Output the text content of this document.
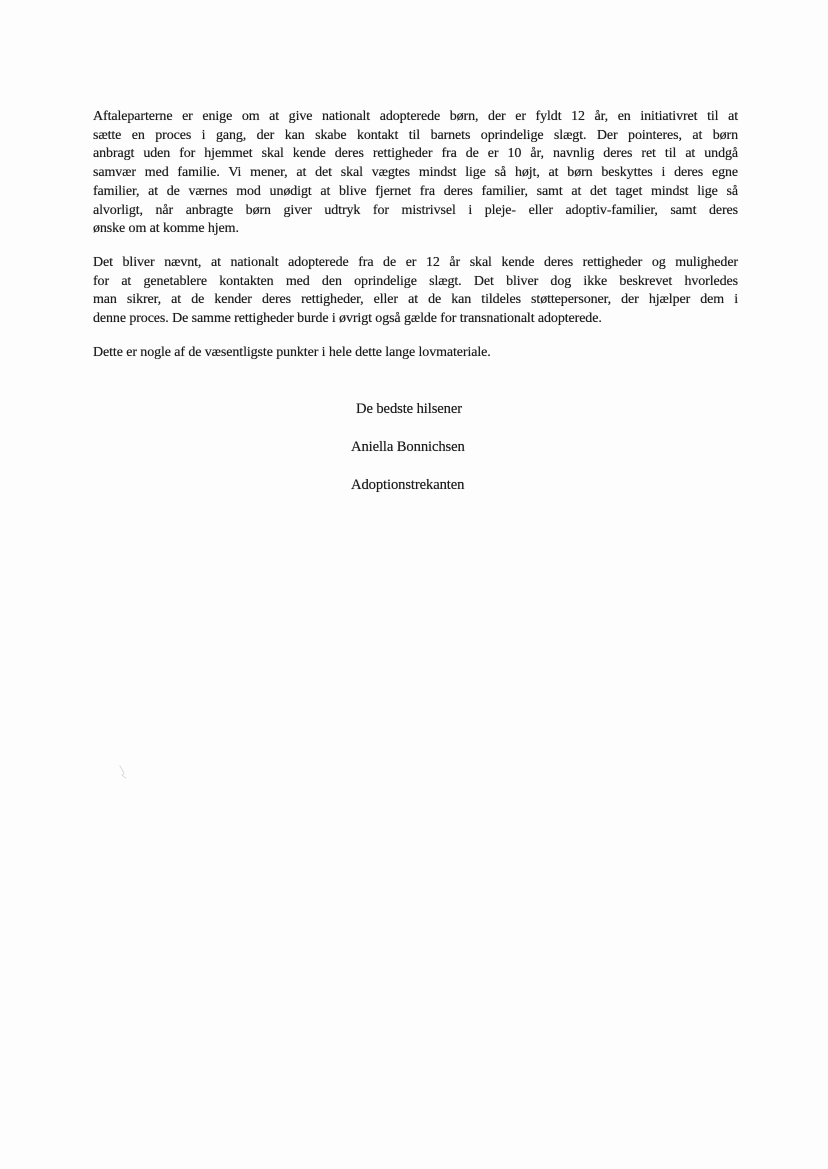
Aftaleparterne er enige om at give nationalt adopterede børn, der er fyldt 12 år, en initiativret til at
sætte en proces i gang, der kan skabe kontakt til barnets oprindelige slægt. Der pointeres, at børn
anbragt uden for hjemmet skal kende deres rettigheder fra de er 10 år, navnlig deres ret til at undgå
samvær med familie. Vi mener, at det skal vægtes mindst lige så højt, at børn beskyttes i deres egne
familier, at de værnes mod unødigt at blive fjernet fra deres familier, samt at det taget mindst lige så
alvorligt, når anbragte børn giver udtryk for mistrivsel i pleje- eller adoptiv-familier, samt deres
ønske om at komme hjem.
Det bliver nævnt, at nationalt adopterede fra de er 12 år skal kende deres rettigheder og muligheder
for at genetablere kontakten med den oprindelige slægt. Det bliver dog ikke beskrevet hvorledes
man sikrer, at de kender deres rettigheder, eller at de kan tildeles støttepersoner, der hjælper dem i
denne proces. De samme rettigheder burde i øvrigt også gælde for transnationalt adopterede.
Dette er nogle af de væsentligste punkter i hele dette lange lovmateriale.
De bedste hilsener
Aniella Bonnichsen
Adoptionstrekanten
